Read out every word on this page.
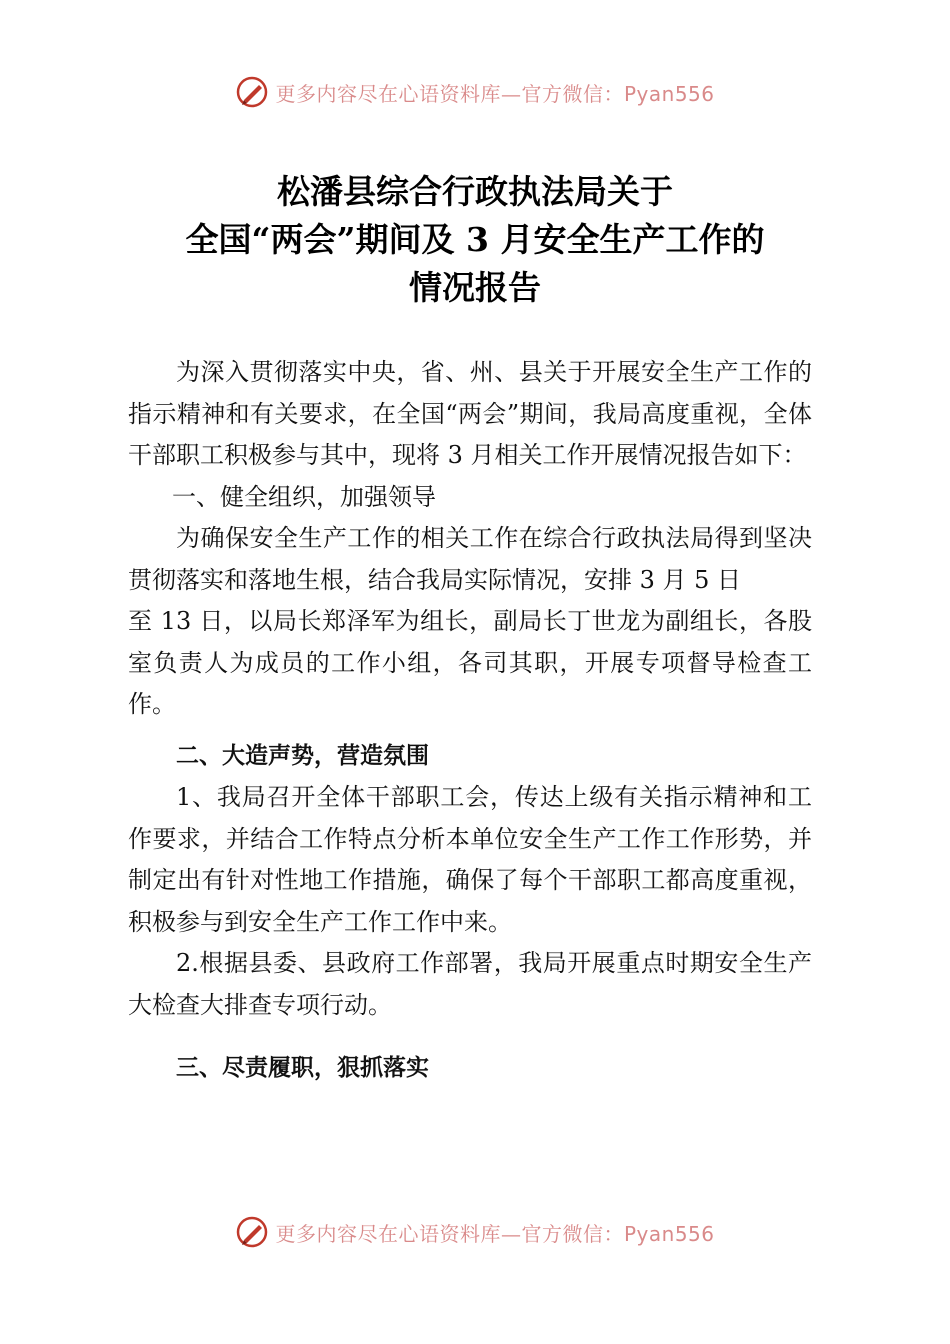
更多内容尽在心语资料库—官方微信：Pyan556
松潘县综合行政执法局关于
全国“两会”期间及 3 月安全生产工作的
情况报告

为深入贯彻落实中央，省、州、县关于开展安全生产工作的指示精神和有关要求，在全国“两会”期间，我局高度重视，全体干部职工积极参与其中，现将 3 月相关工作开展情况报告如下：

一、健全组织，加强领导

为确保安全生产工作的相关工作在综合行政执法局得到坚决贯彻落实和落地生根，结合我局实际情况，安排 3 月 5 日

至 13 日，以局长郑泽军为组长，副局长丁世龙为副组长，各股室负责人为成员的工作小组，各司其职，开展专项督导检查工作。

二、大造声势，营造氛围

1、我局召开全体干部职工会，传达上级有关指示精神和工作要求，并结合工作特点分析本单位安全生产工作工作形势，并制定出有针对性地工作措施，确保了每个干部职工都高度重视，积极参与到安全生产工作工作中来。

2.根据县委、县政府工作部署，我局开展重点时期安全生产大检查大排查专项行动。

三、尽责履职，狠抓落实

更多内容尽在心语资料库—官方微信：Pyan556
